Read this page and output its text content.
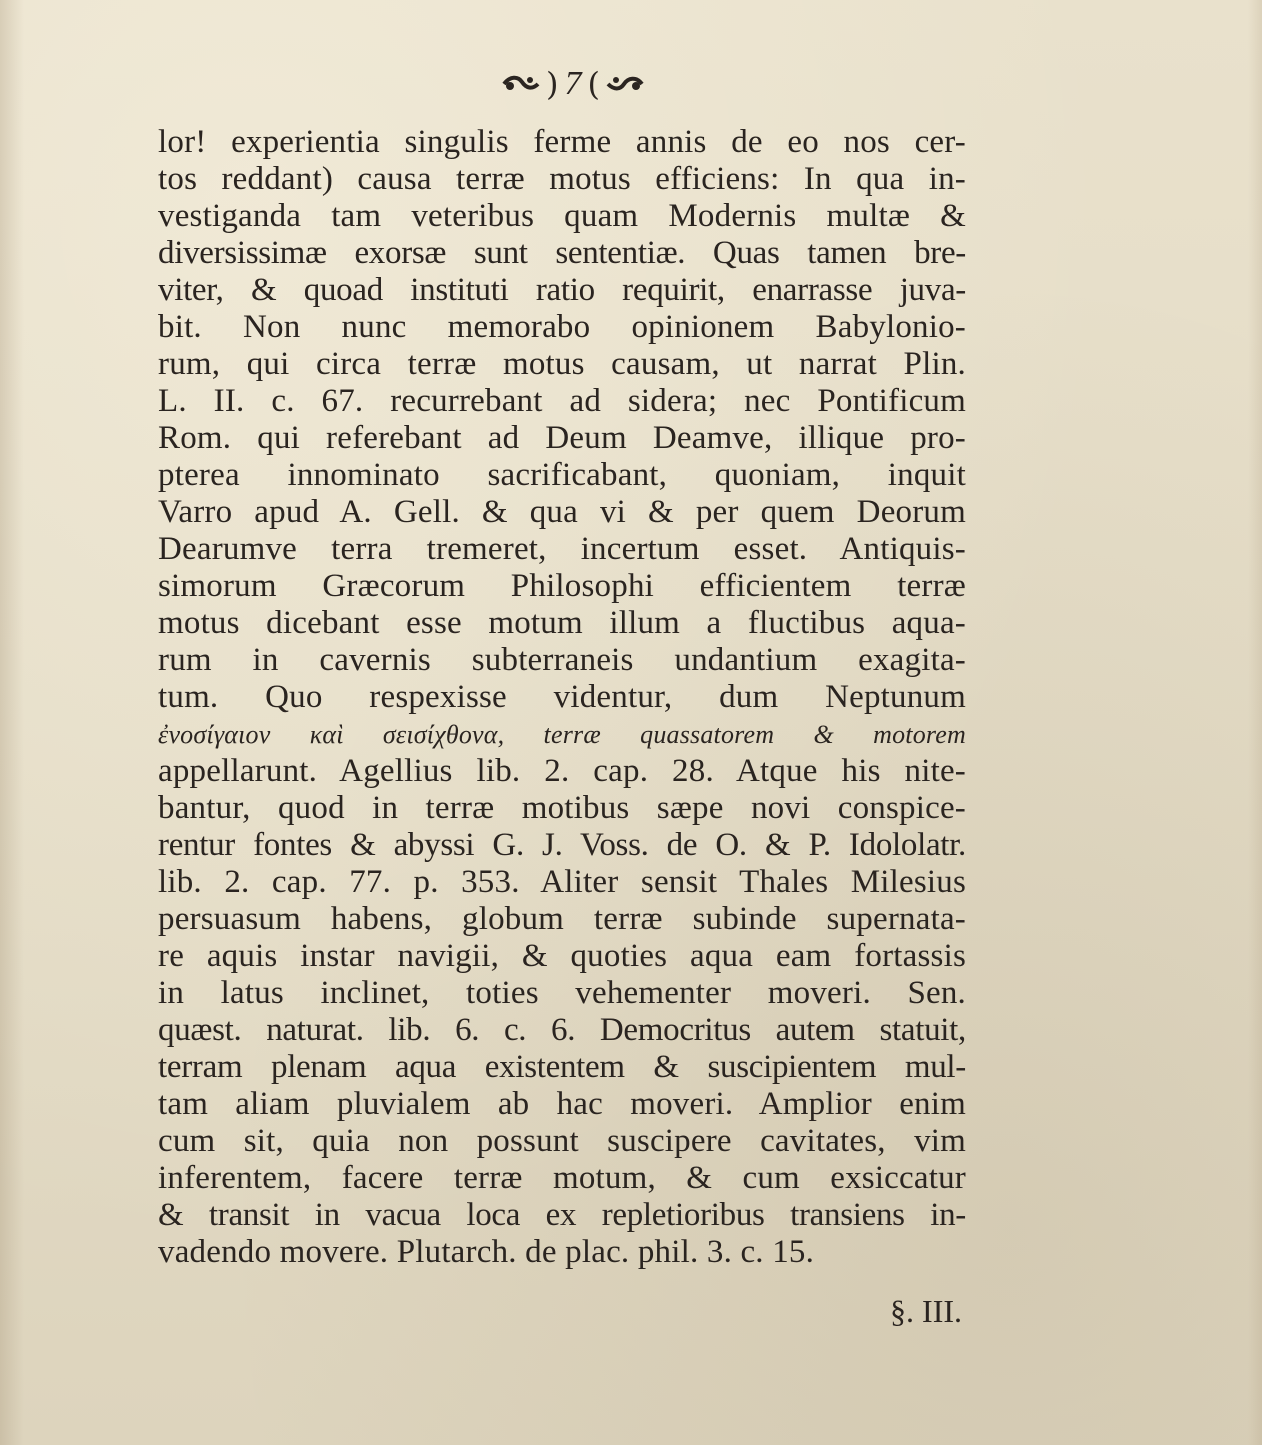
) 7 (
lor! experientia singulis ferme annis de eo nos cer-
tos reddant) causa terræ motus efficiens: In qua in-
vestiganda tam veteribus quam Modernis multæ &
diversissimæ exorsæ sunt sententiæ. Quas tamen bre-
viter, & quoad instituti ratio requirit, enarrasse juva-
bit. Non nunc memorabo opinionem Babylonio-
rum, qui circa terræ motus causam, ut narrat Plin.
L. II. c. 67. recurrebant ad sidera; nec Pontificum
Rom. qui referebant ad Deum Deamve, illique pro-
pterea innominato sacrificabant, quoniam, inquit
Varro apud A. Gell. & qua vi & per quem Deorum
Dearumve terra tremeret, incertum esset. Antiquis-
simorum Græcorum Philosophi efficientem terræ
motus dicebant esse motum illum a fluctibus aqua-
rum in cavernis subterraneis undantium exagita-
tum. Quo respexisse videntur, dum Neptunum
ἐνοσίγαιον καὶ σεισίχθονα, terræ quassatorem & motorem
appellarunt. Agellius lib. 2. cap. 28. Atque his nite-
bantur, quod in terræ motibus sæpe novi conspice-
rentur fontes & abyssi G. J. Voss. de O. & P. Idololatr.
lib. 2. cap. 77. p. 353. Aliter sensit Thales Milesius
persuasum habens, globum terræ subinde supernata-
re aquis instar navigii, & quoties aqua eam fortassis
in latus inclinet, toties vehementer moveri. Sen.
quæst. naturat. lib. 6. c. 6. Democritus autem statuit,
terram plenam aqua existentem & suscipientem mul-
tam aliam pluvialem ab hac moveri. Amplior enim
cum sit, quia non possunt suscipere cavitates, vim
inferentem, facere terræ motum, & cum exsiccatur
& transit in vacua loca ex repletioribus transiens in-
vadendo movere. Plutarch. de plac. phil. 3. c. 15.
§. III.
